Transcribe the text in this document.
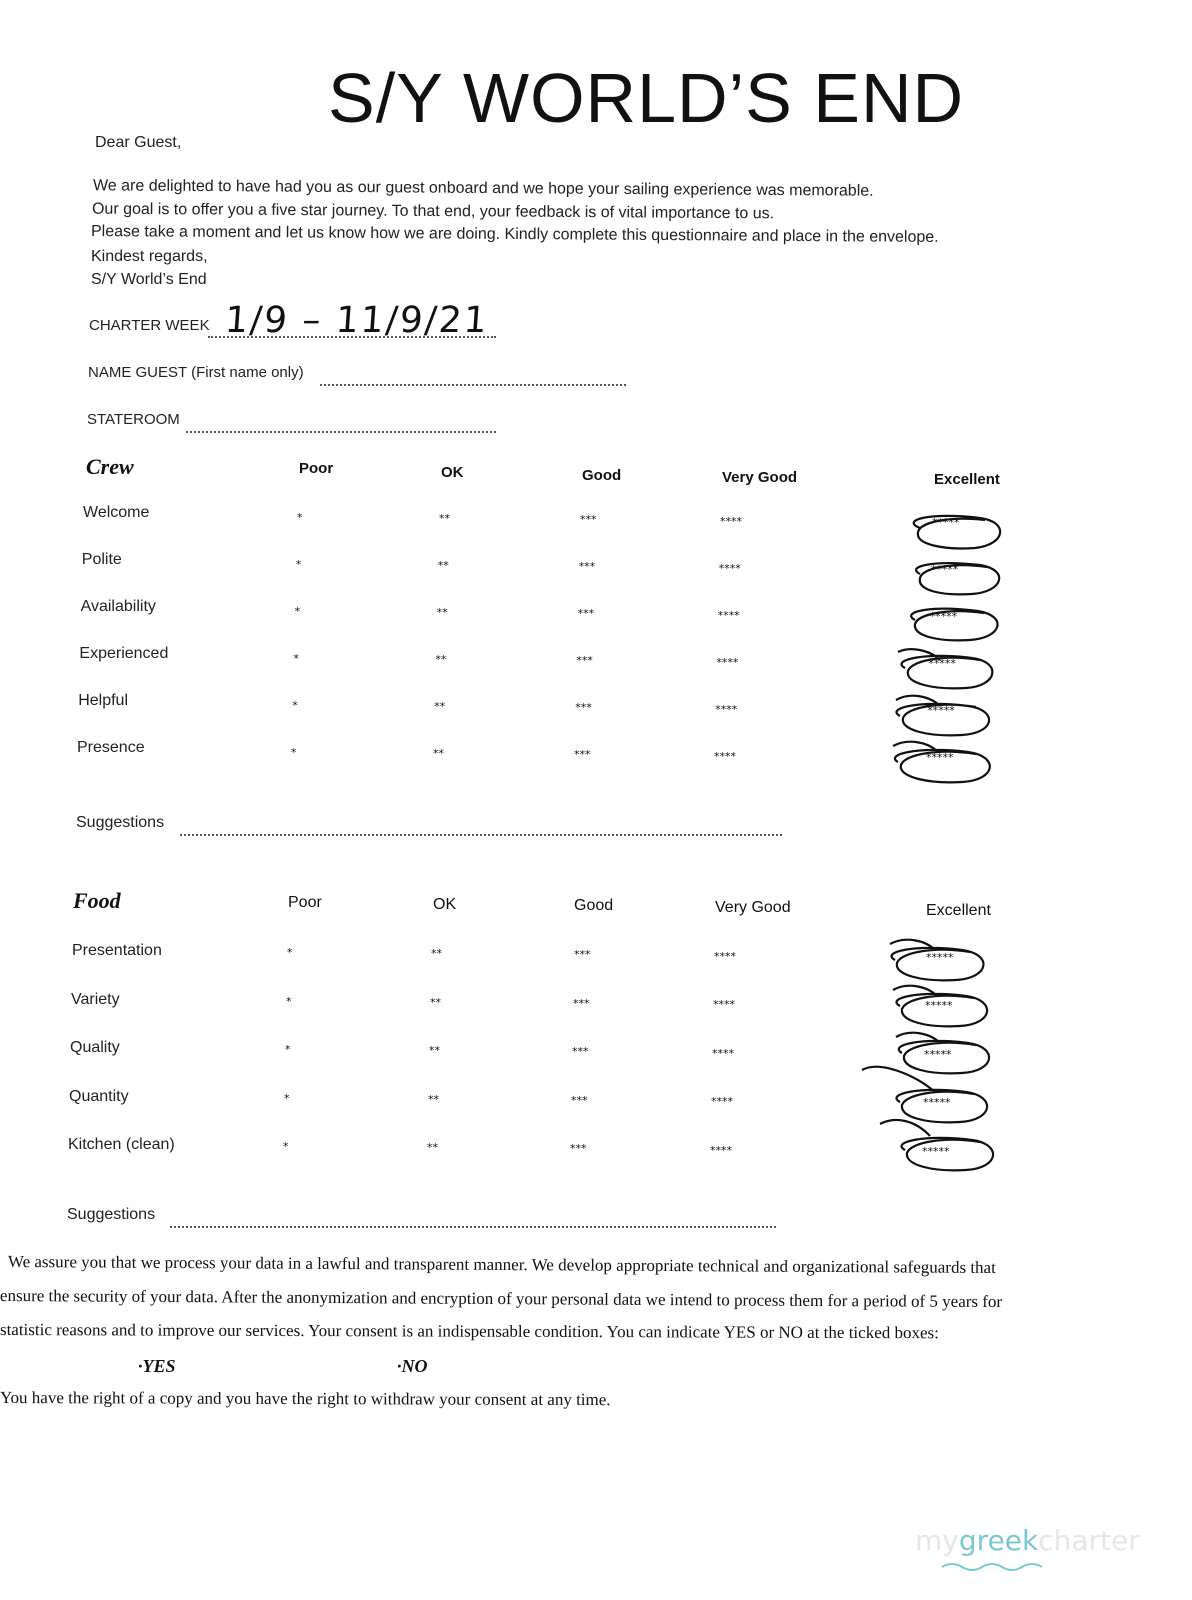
S/Y WORLD’S END
Dear Guest,
We are delighted to have had you as our guest onboard and we hope your sailing experience was memorable.
Our goal is to offer you a five star journey. To that end, your feedback is of vital importance to us.
Please take a moment and let us know how we are doing. Kindly complete this questionnaire and place in the envelope.
Kindest regards,
S/Y World’s End
CHARTER WEEK 1/9 – 11/9/21
NAME GUEST (First name only)
STATEROOM
Crew	Poor	OK	Good	Very Good	Excellent
Welcome	*	**	***	****	*****
Polite	*	**	***	****	*****
Availability	*	**	***	****	*****
Experienced	*	**	***	****	*****
Helpful	*	**	***	****	*****
Presence	*	**	***	****	*****
Suggestions
Food	Poor	OK	Good	Very Good	Excellent
Presentation	*	**	***	****	*****
Variety	*	**	***	****	*****
Quality	*	**	***	****	*****
Quantity	*	**	***	****	*****
Kitchen (clean)	*	**	***	****	*****
Suggestions
We assure you that we process your data in a lawful and transparent manner. We develop appropriate technical and organizational safeguards that
ensure the security of your data. After the anonymization and encryption of your personal data we intend to process them for a period of 5 years for
statistic reasons and to improve our services. Your consent is an indispensable condition. You can indicate YES or NO at the ticked boxes:
·YES	·NO
You have the right of a copy and you have the right to withdraw your consent at any time.
mygreekcharter
